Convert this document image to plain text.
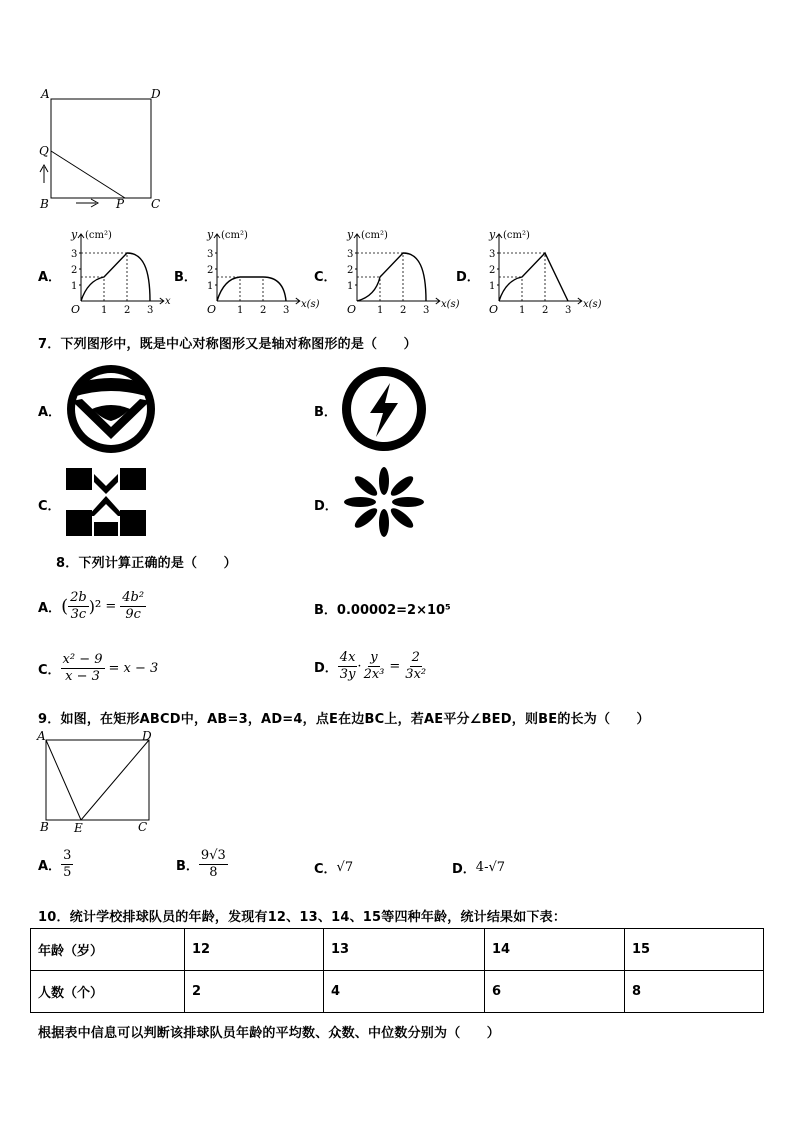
A	D
Q
B	P C
A．
y (cm²)
O
x
1
1
2
2
3
3
B．
y (cm²)
O	x(s)
1
1
2
2
3
3
C．
y (cm²)
O	x(s)
1
1
2
2
3
3
D．
y (cm²)
O	x(s)
1
1
2
2
3
3
7．下列图形中，既是中心对称图形又是轴对称图形的是（　　）
A．	B．
C．	D．
8．下列计算正确的是（　　）
A． ( $\frac{2b}{3c} )^2 = \frac{\text{4b²}}{9c}$	B．0.00002=2×10⁵
C． $\frac{\text{x² − 9}}{x - 3} = x - 3$	D． $\frac{4x}{3y} \cdot \frac{y}{\text{2x³}} = \frac{2}{\text{3x²}}$
9．如图，在矩形ABCD中，AB=3，AD=4，点E在边BC上，若AE平分∠BED，则BE的长为（　　）
A	D
B E	C
A． $\frac{3}{5}$	B． $\frac{9√3}{8}$	C． √7	D． 4-√7
10．统计学校排球队员的年龄，发现有12、13、14、15等四种年龄，统计结果如下表：
年龄（岁）	12	13	14	15
人数（个）	2	4	6	8
根据表中信息可以判断该排球队员年龄的平均数、众数、中位数分别为（　　）
